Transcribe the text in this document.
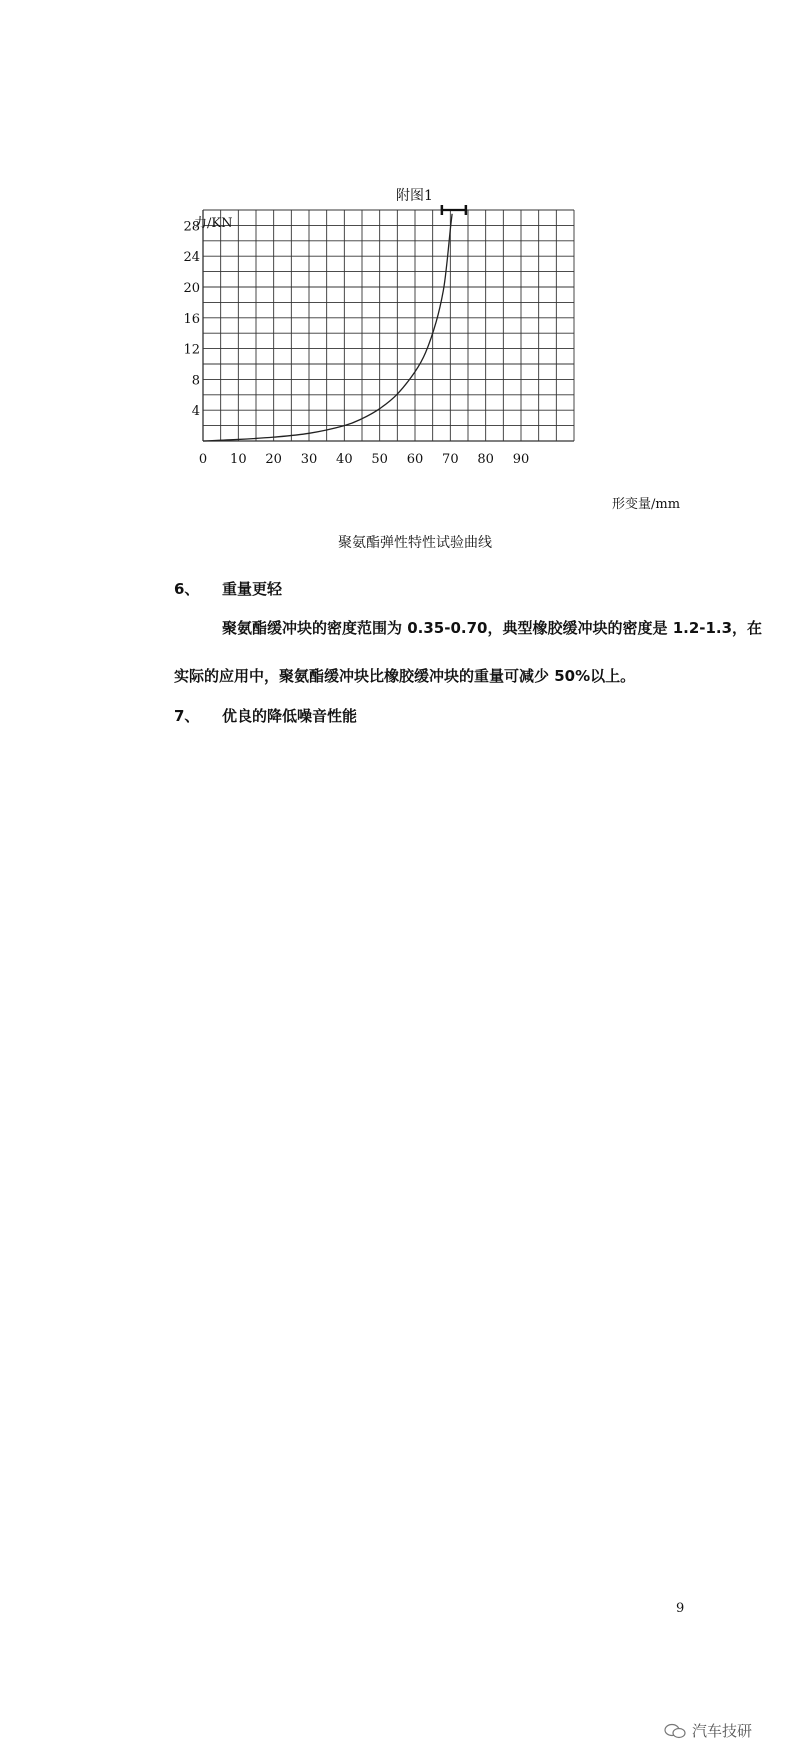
附图1
0 10 20 30 40 50 60 70 80 90
4
8
12
16
20
24
28
力/KN
形变量/mm
聚氨酯弹性特性试验曲线
6、 重量更轻
聚氨酯缓冲块的密度范围为 0.35-0.70，典型橡胶缓冲块的密度是 1.2-1.3，在
实际的应用中，聚氨酯缓冲块比橡胶缓冲块的重量可减少 50%以上。
7、 优良的降低噪音性能
9
汽车技研
